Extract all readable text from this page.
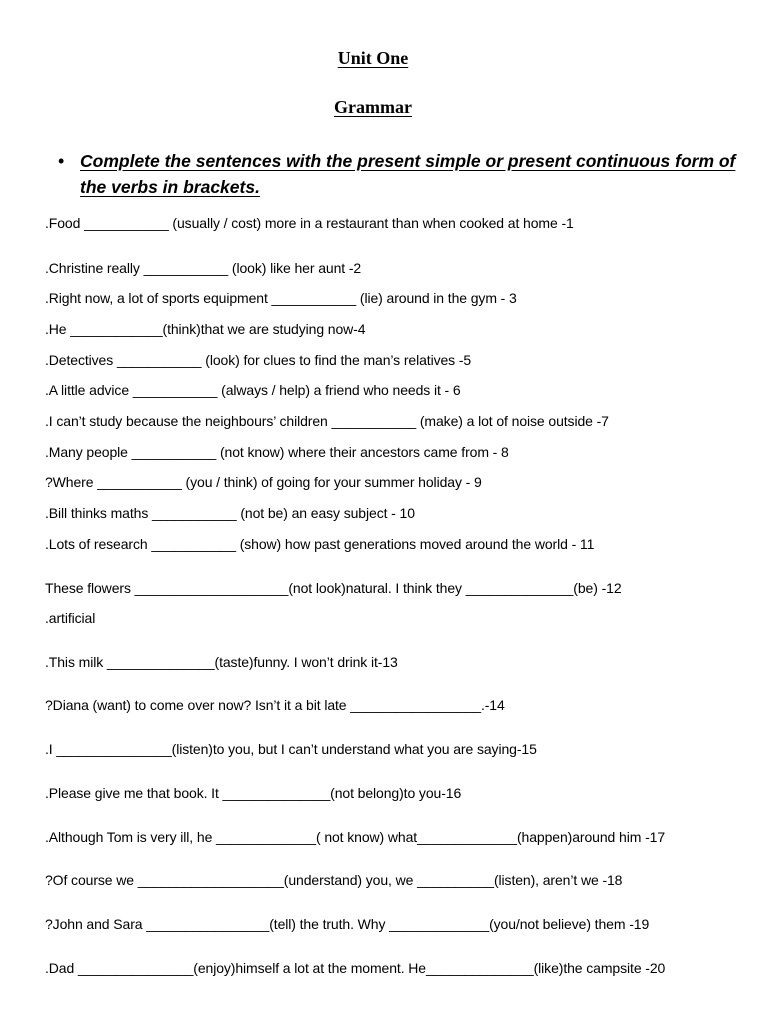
Unit One
Grammar
• Complete the sentences with the present simple or present continuous form of the verbs in brackets.
.Food ___________ (usually / cost) more in a restaurant than when cooked at home -1
.Christine really ___________ (look) like her aunt -2
.Right now, a lot of sports equipment ___________ (lie) around in the gym - 3
.He ____________(think)that we are studying now-4
.Detectives ___________ (look) for clues to find the man’s relatives -5
.A little advice ___________ (always / help) a friend who needs it - 6
.I can’t study because the neighbours’ children ___________ (make) a lot of noise outside -7
.Many people ___________ (not know) where their ancestors came from - 8
?Where ___________ (you / think) of going for your summer holiday - 9
.Bill thinks maths ___________ (not be) an easy subject - 10
.Lots of research ___________ (show) how past generations moved around the world - 11
These flowers ____________________(not look)natural. I think they ______________(be) -12
.artificial
.This milk ______________(taste)funny. I won’t drink it-13
?Diana (want) to come over now? Isn’t it a bit late _________________.-14
.I _______________(listen)to you, but I can’t understand what you are saying-15
.Please give me that book. It ______________(not belong)to you-16
.Although Tom is very ill, he _____________( not know) what_____________(happen)around him -17
?Of course we ___________________(understand) you, we __________(listen), aren’t we -18
?John and Sara ________________(tell) the truth. Why _____________(you/not believe) them -19
.Dad _______________(enjoy)himself a lot at the moment. He______________(like)the campsite -20
